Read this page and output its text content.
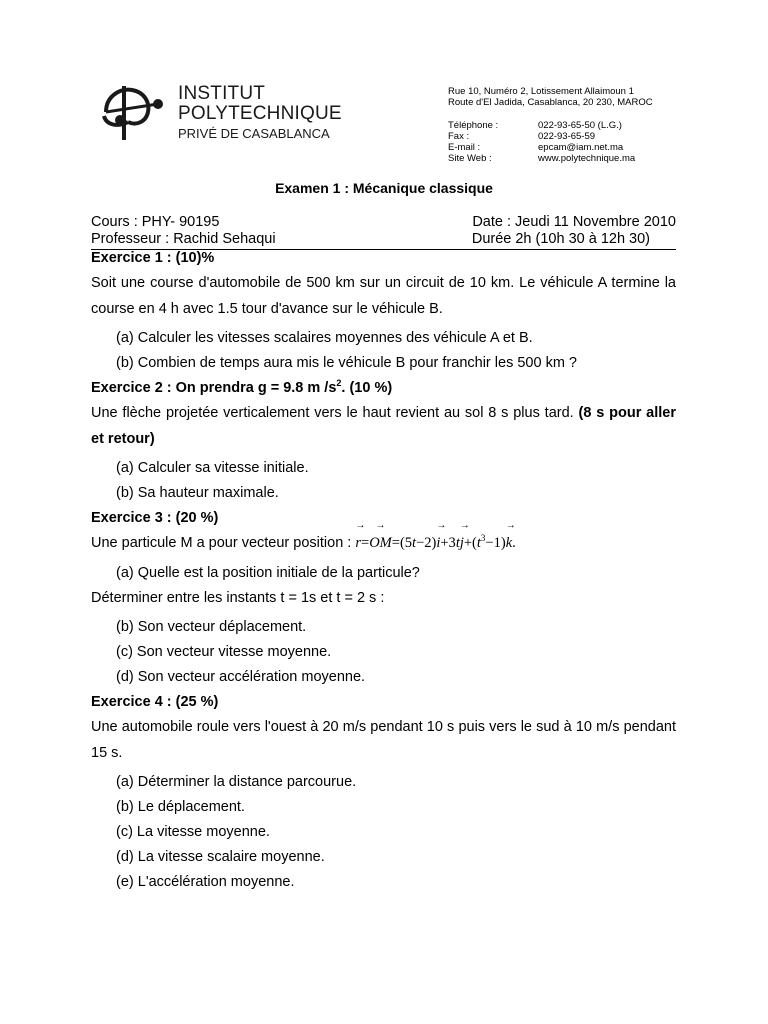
INSTITUT
POLYTECHNIQUE
PRIVÉ DE CASABLANCA
Rue 10, Numéro 2, Lotissement Allaimoun 1
Route d'El Jadida, Casablanca, 20 230, MAROC
Téléphone :	022-93-65-50 (L.G.)
Fax :	022-93-65-59
E-mail :	epcam@iam.net.ma
Site Web :	www.polytechnique.ma
Examen 1 : Mécanique classique
Cours : PHY- 90195	Date : Jeudi 11 Novembre 2010
Professeur : Rachid Sehaqui	Durée 2h (10h 30 à 12h 30)
Exercice 1 : (10)%
Soit une course d'automobile de 500 km sur un circuit de 10 km. Le véhicule A termine la course en 4 h avec 1.5 tour d'avance sur le véhicule B.
(a) Calculer les vitesses scalaires moyennes des véhicule A et B.
(b) Combien de temps aura mis le véhicule B pour franchir les 500 km ?
Exercice 2 : On prendra g = 9.8 m $/s^2$. (10 %)
Une flèche projetée verticalement vers le haut revient au sol 8 s plus tard. (8 s pour aller et retour)
(a) Calculer sa vitesse initiale.
(b) Sa hauteur maximale.
Exercice 3 : (20 %)
Une particule M a pour vecteur position : → $r=\to OM=(5t-2)\to i+3t\to j+(t^3-1)\to k$.
(a) Quelle est la position initiale de la particule?
Déterminer entre les instants t = 1s et t = 2 s :
(b) Son vecteur déplacement.
(c) Son vecteur vitesse moyenne.
(d) Son vecteur accélération moyenne.
Exercice 4 : (25 %)
Une automobile roule vers l'ouest à 20 m/s pendant 10 s puis vers le sud à 10 m/s pendant 15 s.
(a) Déterminer la distance parcourue.
(b) Le déplacement.
(c) La vitesse moyenne.
(d) La vitesse scalaire moyenne.
(e) L'accélération moyenne.
